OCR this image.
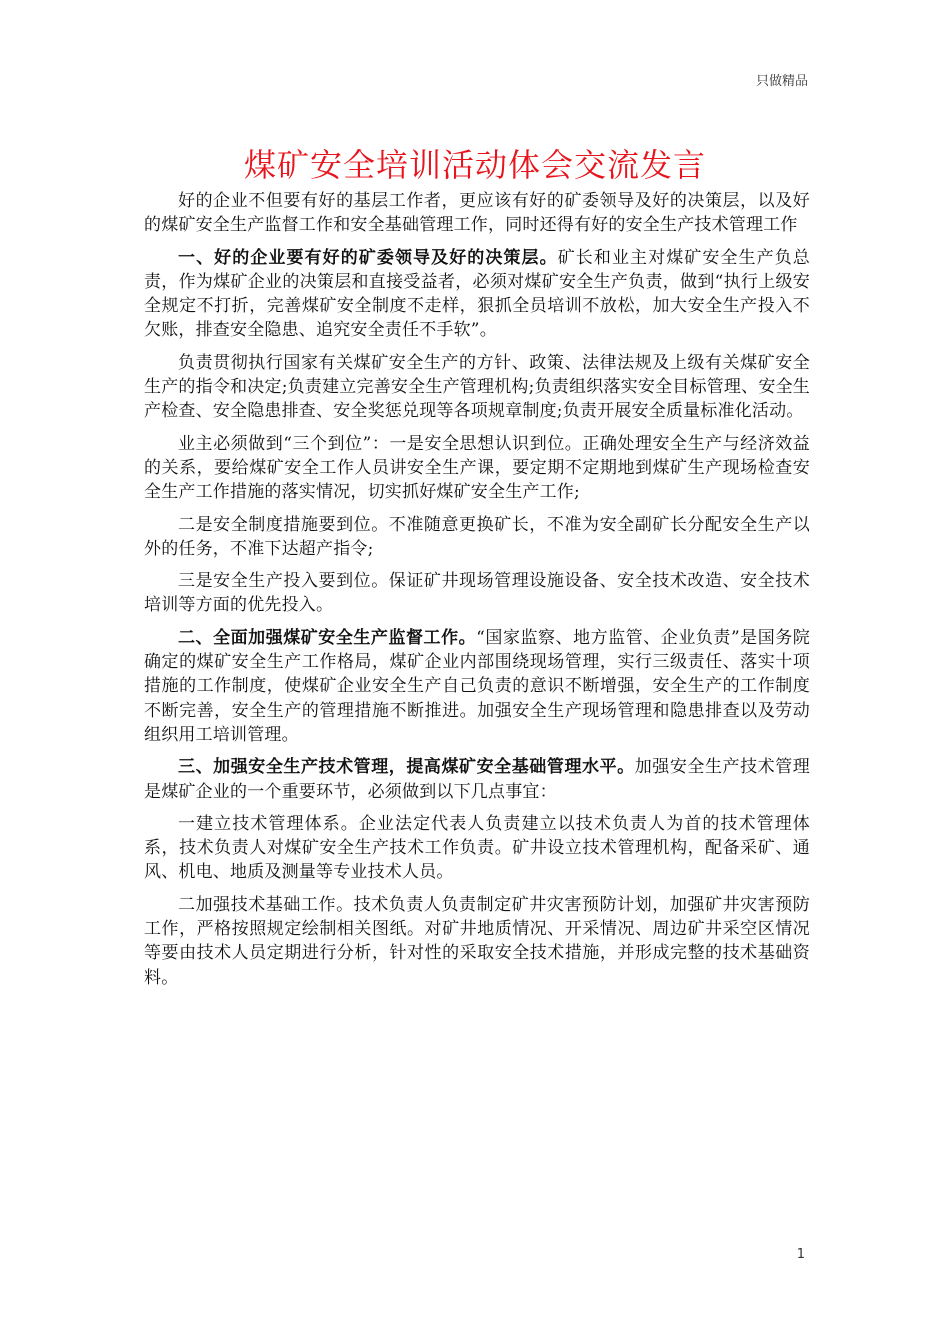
只做精品
煤矿安全培训活动体会交流发言

好的企业不但要有好的基层工作者，更应该有好的矿委领导及好的决策层，以及好的煤矿安全生产监督工作和安全基础管理工作，同时还得有好的安全生产技术管理工作

一、好的企业要有好的矿委领导及好的决策层。矿长和业主对煤矿安全生产负总责，作为煤矿企业的决策层和直接受益者，必须对煤矿安全生产负责，做到“执行上级安全规定不打折，完善煤矿安全制度不走样，狠抓全员培训不放松，加大安全生产投入不欠账，排查安全隐患、追究安全责任不手软”。

负责贯彻执行国家有关煤矿安全生产的方针、政策、法律法规及上级有关煤矿安全生产的指令和决定;负责建立完善安全生产管理机构;负责组织落实安全目标管理、安全生产检查、安全隐患排查、安全奖惩兑现等各项规章制度;负责开展安全质量标准化活动。

业主必须做到“三个到位”：一是安全思想认识到位。正确处理安全生产与经济效益的关系，要给煤矿安全工作人员讲安全生产课，要定期不定期地到煤矿生产现场检查安全生产工作措施的落实情况，切实抓好煤矿安全生产工作;

二是安全制度措施要到位。不准随意更换矿长，不准为安全副矿长分配安全生产以外的任务，不准下达超产指令;

三是安全生产投入要到位。保证矿井现场管理设施设备、安全技术改造、安全技术培训等方面的优先投入。

二、全面加强煤矿安全生产监督工作。“国家监察、地方监管、企业负责”是国务院确定的煤矿安全生产工作格局，煤矿企业内部围绕现场管理，实行三级责任、落实十项措施的工作制度，使煤矿企业安全生产自己负责的意识不断增强，安全生产的工作制度不断完善，安全生产的管理措施不断推进。加强安全生产现场管理和隐患排查以及劳动组织用工培训管理。

三、加强安全生产技术管理，提高煤矿安全基础管理水平。加强安全生产技术管理是煤矿企业的一个重要环节，必须做到以下几点事宜：

一建立技术管理体系。企业法定代表人负责建立以技术负责人为首的技术管理体系，技术负责人对煤矿安全生产技术工作负责。矿井设立技术管理机构，配备采矿、通风、机电、地质及测量等专业技术人员。

二加强技术基础工作。技术负责人负责制定矿井灾害预防计划，加强矿井灾害预防工作，严格按照规定绘制相关图纸。对矿井地质情况、开采情况、周边矿井采空区情况等要由技术人员定期进行分析，针对性的采取安全技术措施，并形成完整的技术基础资料。

1
